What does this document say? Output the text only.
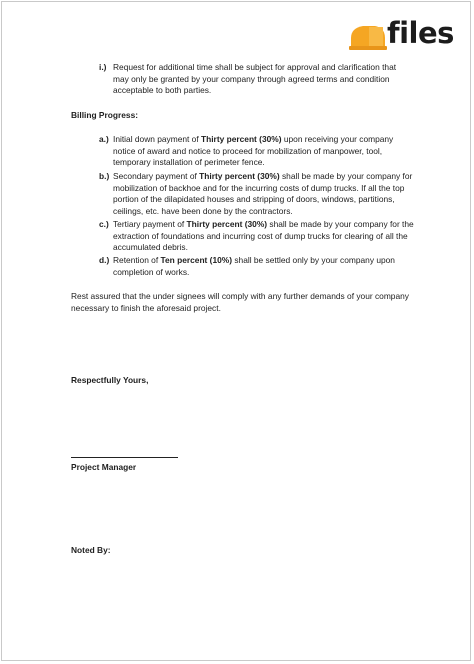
files
i.) Request for additional time shall be subject for approval and clarification that may only be granted by your company through agreed terms and condition acceptable to both parties.
Billing Progress:
a.) Initial down payment of Thirty percent (30%) upon receiving your company notice of award and notice to proceed for mobilization of manpower, tool, temporary installation of perimeter fence.
b.) Secondary payment of Thirty percent (30%) shall be made by your company for mobilization of backhoe and for the incurring costs of dump trucks. If all the top portion of the dilapidated houses and stripping of doors, windows, partitions, ceilings, etc. have been done by the contractors.
c.) Tertiary payment of Thirty percent (30%) shall be made by your company for the extraction of foundations and incurring cost of dump trucks for clearing of all the accumulated debris.
d.) Retention of Ten percent (10%) shall be settled only by your company upon completion of works.
Rest assured that the under signees will comply with any further demands of your company necessary to finish the aforesaid project.
Respectfully Yours,
Project Manager
Noted By:
